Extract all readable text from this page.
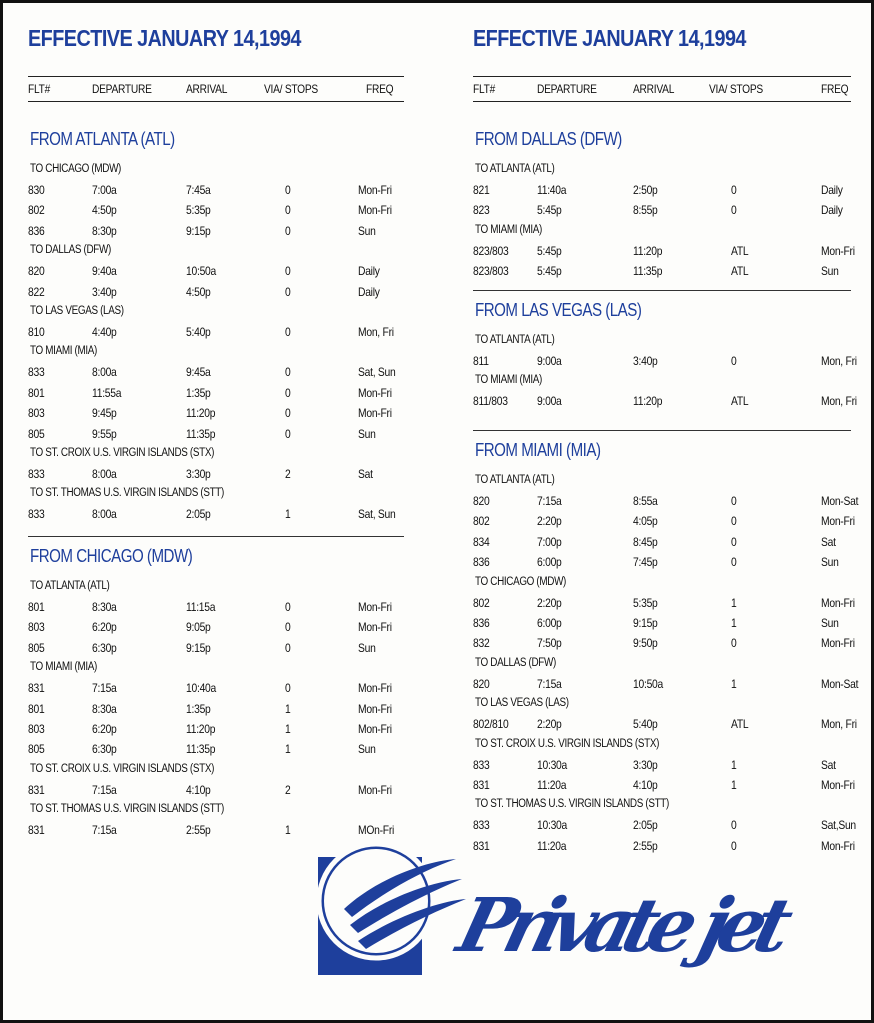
EFFECTIVE JANUARY 14,1994
FLT#	DEPARTURE	ARRIVAL	VIA/ STOPS	FREQ
FROM ATLANTA (ATL)
TO CHICAGO (MDW)
830	7:00a	7:45a	0	Mon-Fri
802	4:50p	5:35p	0	Mon-Fri
836	8:30p	9:15p	0	Sun
TO DALLAS (DFW)
820	9:40a	10:50a	0	Daily
822	3:40p	4:50p	0	Daily
TO LAS VEGAS (LAS)
810	4:40p	5:40p	0	Mon, Fri
TO MIAMI (MIA)
833	8:00a	9:45a	0	Sat, Sun
801	11:55a	1:35p	0	Mon-Fri
803	9:45p	11:20p	0	Mon-Fri
805	9:55p	11:35p	0	Sun
TO ST. CROIX U.S. VIRGIN ISLANDS (STX)
833	8:00a	3:30p	2	Sat
TO ST. THOMAS U.S. VIRGIN ISLANDS (STT)
833	8:00a	2:05p	1	Sat, Sun
FROM CHICAGO (MDW)
TO ATLANTA (ATL)
801	8:30a	11:15a	0	Mon-Fri
803	6:20p	9:05p	0	Mon-Fri
805	6:30p	9:15p	0	Sun
TO MIAMI (MIA)
831	7:15a	10:40a	0	Mon-Fri
801	8:30a	1:35p	1	Mon-Fri
803	6:20p	11:20p	1	Mon-Fri
805	6:30p	11:35p	1	Sun
TO ST. CROIX U.S. VIRGIN ISLANDS (STX)
831	7:15a	4:10p	2	Mon-Fri
TO ST. THOMAS U.S. VIRGIN ISLANDS (STT)
831	7:15a	2:55p	1	MOn-Fri
EFFECTIVE JANUARY 14,1994
FLT#	DEPARTURE	ARRIVAL	VIA/ STOPS	FREQ
FROM DALLAS (DFW)
TO ATLANTA (ATL)
821	11:40a	2:50p	0	Daily
823	5:45p	8:55p	0	Daily
TO MIAMI (MIA)
823/803 5:45p	11:20p	ATL	Mon-Fri
823/803 5:45p	11:35p	ATL	Sun
FROM LAS VEGAS (LAS)
TO ATLANTA (ATL)
811	9:00a	3:40p	0	Mon, Fri
TO MIAMI (MIA)
811/803 9:00a	11:20p	ATL	Mon, Fri
FROM MIAMI (MIA)
TO ATLANTA (ATL)
820	7:15a	8:55a	0	Mon-Sat
802	2:20p	4:05p	0	Mon-Fri
834	7:00p	8:45p	0	Sat
836	6:00p	7:45p	0	Sun
TO CHICAGO (MDW)
802	2:20p	5:35p	1	Mon-Fri
836	6:00p	9:15p	1	Sun
832	7:50p	9:50p	0	Mon-Fri
TO DALLAS (DFW)
820	7:15a	10:50a	1	Mon-Sat
TO LAS VEGAS (LAS)
802/810 2:20p	5:40p	ATL	Mon, Fri
TO ST. CROIX U.S. VIRGIN ISLANDS (STX)
833	10:30a	3:30p	1	Sat
831	11:20a	4:10p	1	Mon-Fri
TO ST. THOMAS U.S. VIRGIN ISLANDS (STT)
833	10:30a	2:05p	0	Sat,Sun
831	11:20a	2:55p	0	Mon-Fri
Private jet
